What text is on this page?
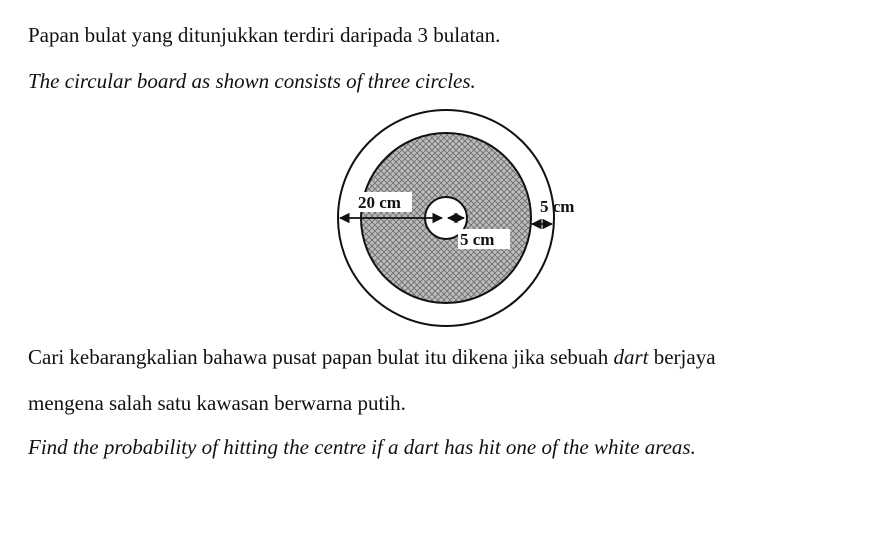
Papan bulat yang ditunjukkan terdiri daripada 3 bulatan.

The circular board as shown consists of three circles.

20 cm
5 cm
5 cm

Cari kebarangkalian bahawa pusat papan bulat itu dikena jika sebuah dart berjaya

mengena salah satu kawasan berwarna putih.

Find the probability of hitting the centre if a dart has hit one of the white areas.
